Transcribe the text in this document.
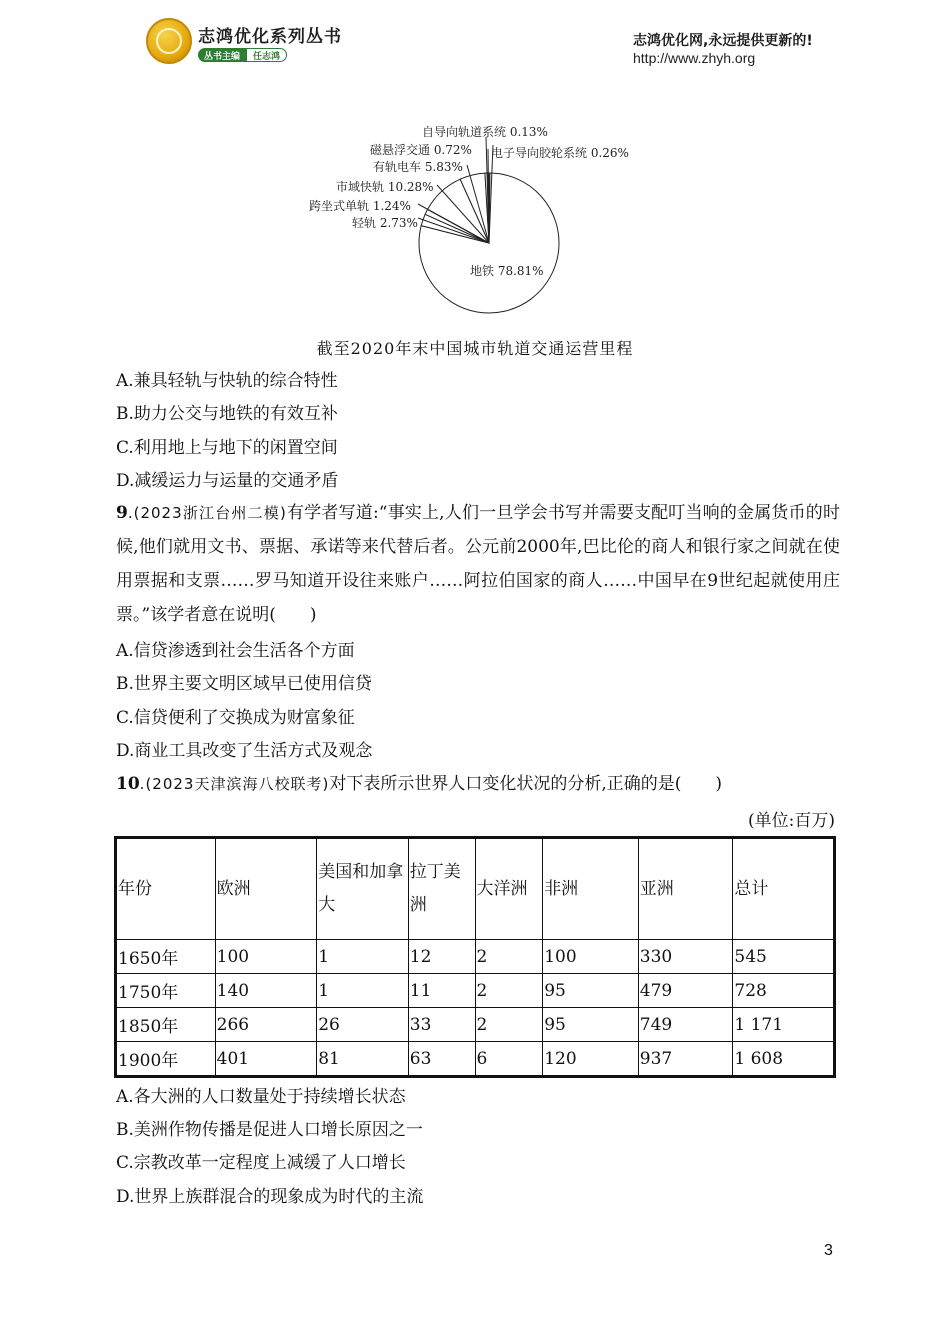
志鸿优化系列丛书
丛书主编	任志鸿
志鸿优化网,永远提供更新的!
http://www.zhyh.org
地铁 78.81%
轻轨 2.73%
跨坐式单轨 1.24%
市域快轨 10.28%
有轨电车 5.83%
磁悬浮交通 0.72%
自导向轨道系统 0.13%
电子导向胶轮系统 0.26%
截至2020年末中国城市轨道交通运营里程
A.兼具轻轨与快轨的综合特性
B.助力公交与地铁的有效互补
C.利用地上与地下的闲置空间
D.减缓运力与运量的交通矛盾
9.(2023浙江台州二模)有学者写道:“事实上,人们一旦学会书写并需要支配叮当响的金属货币的时候,他们就用文书、票据、承诺等来代替后者。公元前2000年,巴比伦的商人和银行家之间就在使用票据和支票……罗马知道开设往来账户……阿拉伯国家的商人……中国早在9世纪起就使用庄票。”该学者意在说明(　　)
A.信贷渗透到社会生活各个方面
B.世界主要文明区域早已使用信贷
C.信贷便利了交换成为财富象征
D.商业工具改变了生活方式及观念
10.(2023天津滨海八校联考)对下表所示世界人口变化状况的分析,正确的是(　　)
(单位:百万)
年份	欧洲	美国和加拿大	拉丁美洲	大洋洲	非洲	亚洲	总计
1650年	100	1	12	2	100	330	545
1750年	140	1	11	2	95	479	728
1850年	266	26	33	2	95	749	1 171
1900年	401	81	63	6	120	937	1 608
A.各大洲的人口数量处于持续增长状态
B.美洲作物传播是促进人口增长原因之一
C.宗教改革一定程度上减缓了人口增长
D.世界上族群混合的现象成为时代的主流
3
